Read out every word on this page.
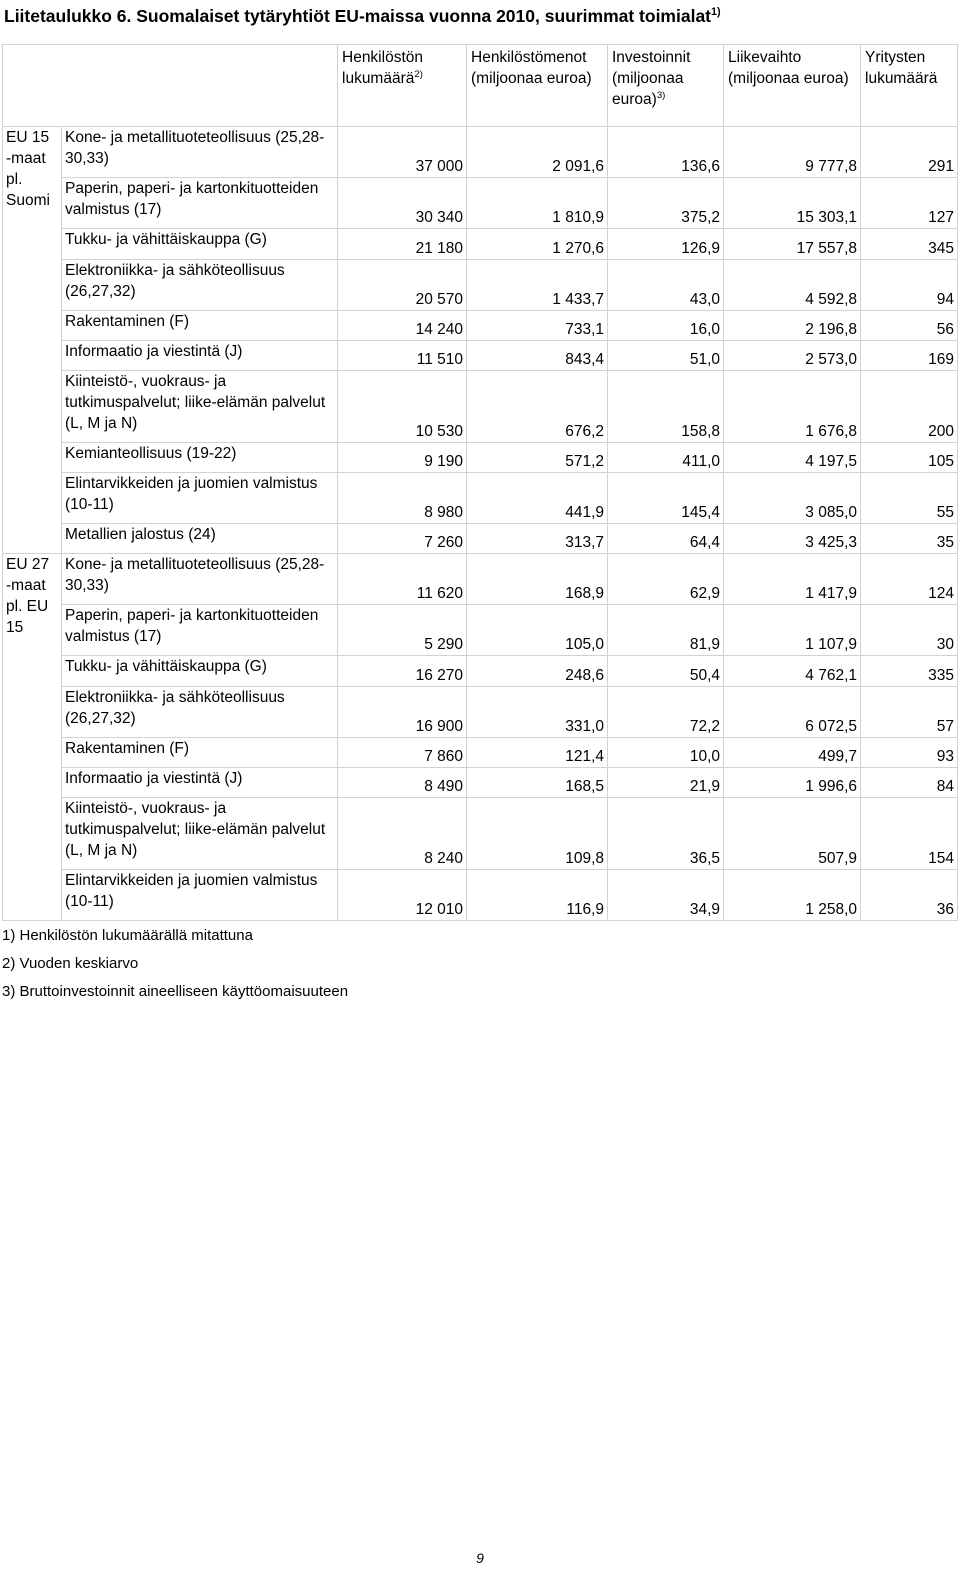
Liitetaulukko 6. Suomalaiset tytäryhtiöt EU-maissa vuonna 2010, suurimmat toimialat$^{1)}$
		Henkilöstön lukumäärä$^{2)}$	Henkilöstömenot (miljoonaa euroa)	Investoinnit (miljoonaa euroa)$^{3)}$	Liikevaihto (miljoonaa euroa)	Yritysten lukumäärä
EU 15 -maat pl. Suomi	Kone- ja metallituoteteollisuus (25,28-30,33)	37 000	2 091,6	136,6	9 777,8	291
	Paperin, paperi- ja kartonkituotteiden valmistus (17)	30 340	1 810,9	375,2	15 303,1	127
	Tukku- ja vähittäiskauppa (G)	21 180	1 270,6	126,9	17 557,8	345
	Elektroniikka- ja sähköteollisuus (26,27,32)	20 570	1 433,7	43,0	4 592,8	94
	Rakentaminen (F)	14 240	733,1	16,0	2 196,8	56
	Informaatio ja viestintä (J)	11 510	843,4	51,0	2 573,0	169
	Kiinteistö-, vuokraus- ja tutkimuspalvelut; liike-elämän palvelut (L, M ja N)	10 530	676,2	158,8	1 676,8	200
	Kemianteollisuus (19-22)	9 190	571,2	411,0	4 197,5	105
	Elintarvikkeiden ja juomien valmistus (10-11)	8 980	441,9	145,4	3 085,0	55
	Metallien jalostus (24)	7 260	313,7	64,4	3 425,3	35
EU 27 -maat pl. EU 15	Kone- ja metallituoteteollisuus (25,28-30,33)	11 620	168,9	62,9	1 417,9	124
	Paperin, paperi- ja kartonkituotteiden valmistus (17)	5 290	105,0	81,9	1 107,9	30
	Tukku- ja vähittäiskauppa (G)	16 270	248,6	50,4	4 762,1	335
	Elektroniikka- ja sähköteollisuus (26,27,32)	16 900	331,0	72,2	6 072,5	57
	Rakentaminen (F)	7 860	121,4	10,0	499,7	93
	Informaatio ja viestintä (J)	8 490	168,5	21,9	1 996,6	84
	Kiinteistö-, vuokraus- ja tutkimuspalvelut; liike-elämän palvelut (L, M ja N)	8 240	109,8	36,5	507,9	154
	Elintarvikkeiden ja juomien valmistus (10-11)	12 010	116,9	34,9	1 258,0	36
1) Henkilöstön lukumäärällä mitattuna
2) Vuoden keskiarvo
3) Bruttoinvestoinnit aineelliseen käyttöomaisuuteen
9
